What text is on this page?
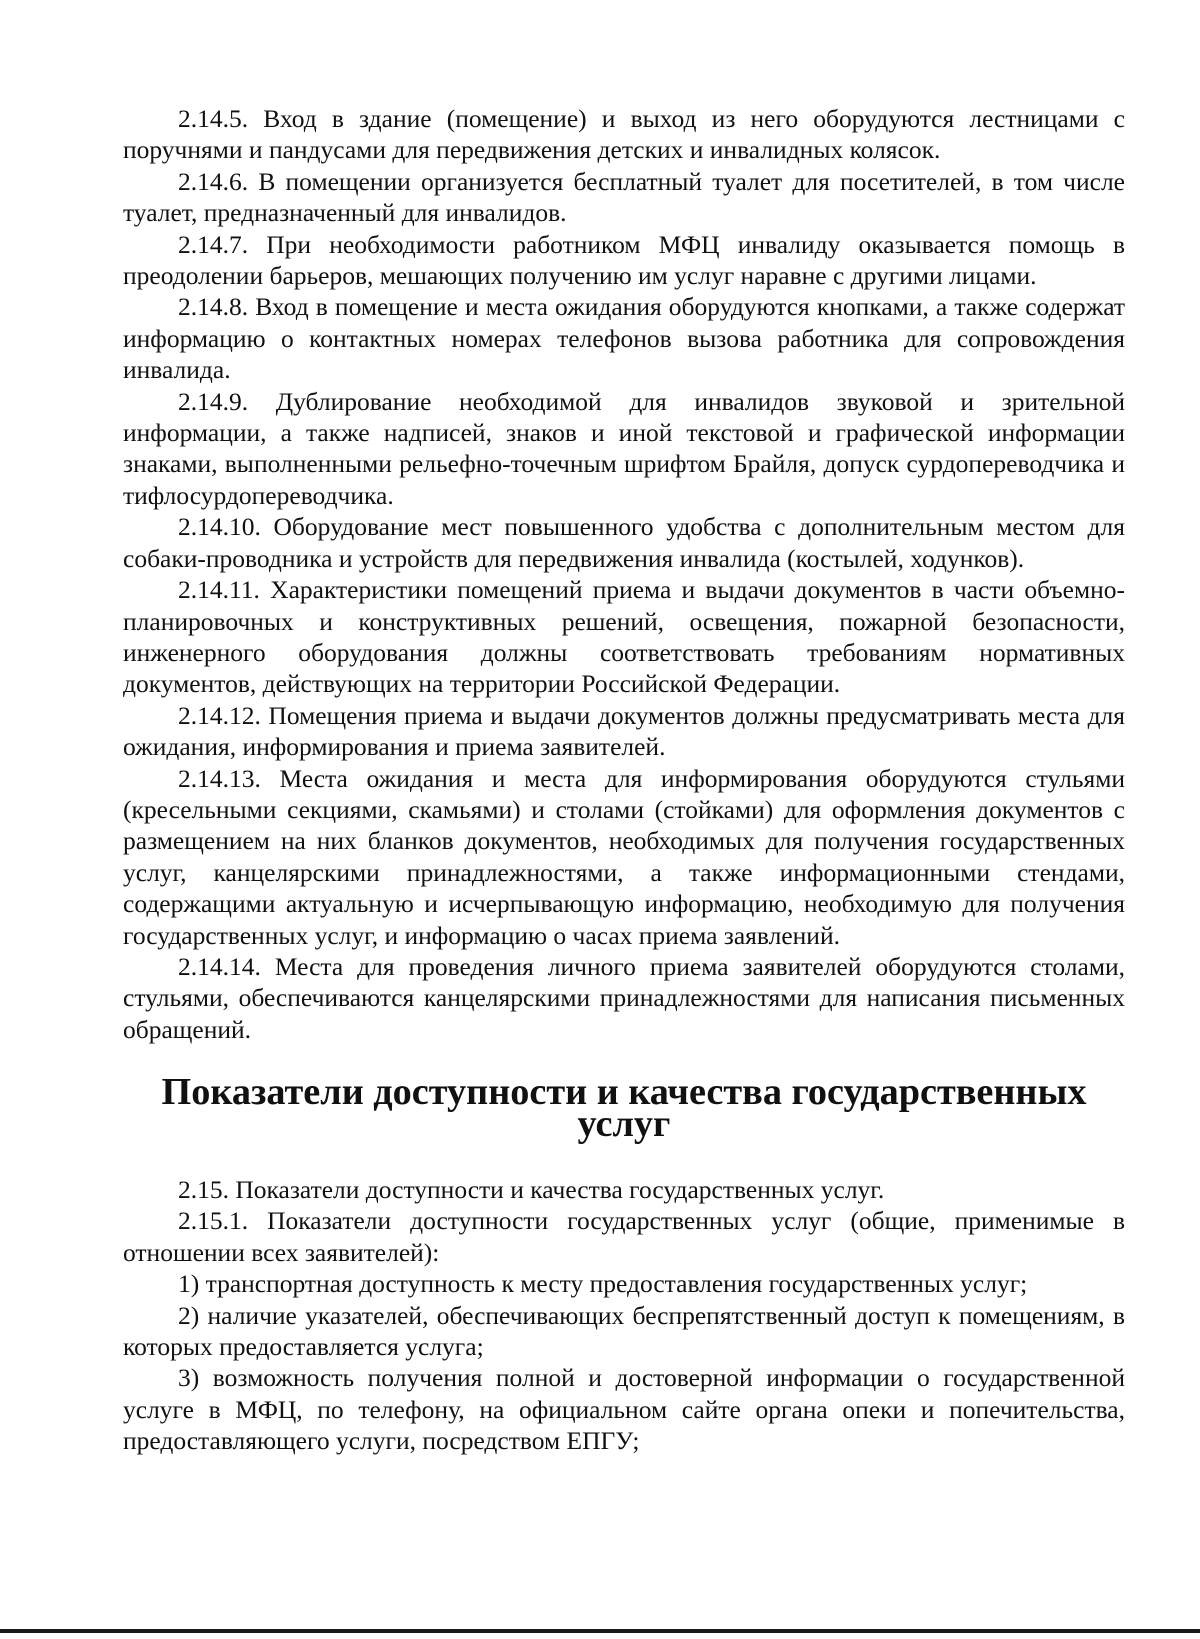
2.14.5. Вход в здание (помещение) и выход из него оборудуются лестницами с поручнями и пандусами для передвижения детских и инвалидных колясок.

2.14.6. В помещении организуется бесплатный туалет для посетителей, в том числе туалет, предназначенный для инвалидов.

2.14.7. При необходимости работником МФЦ инвалиду оказывается помощь в преодолении барьеров, мешающих получению им услуг наравне с другими лицами.

2.14.8. Вход в помещение и места ожидания оборудуются кнопками, а также содержат информацию о контактных номерах телефонов вызова работника для сопровождения инвалида.

2.14.9. Дублирование необходимой для инвалидов звуковой и зрительной информации, а также надписей, знаков и иной текстовой и графической информации знаками, выполненными рельефно-точечным шрифтом Брайля, допуск сурдопереводчика и тифлосурдопереводчика.

2.14.10. Оборудование мест повышенного удобства с дополнительным местом для собаки-проводника и устройств для передвижения инвалида (костылей, ходунков).

2.14.11. Характеристики помещений приема и выдачи документов в части объемно-планировочных и конструктивных решений, освещения, пожарной безопасности, инженерного оборудования должны соответствовать требованиям нормативных документов, действующих на территории Российской Федерации.

2.14.12. Помещения приема и выдачи документов должны предусматривать места для ожидания, информирования и приема заявителей.

2.14.13. Места ожидания и места для информирования оборудуются стульями (кресельными секциями, скамьями) и столами (стойками) для оформления документов с размещением на них бланков документов, необходимых для получения государственных услуг, канцелярскими принадлежностями, а также информационными стендами, содержащими актуальную и исчерпывающую информацию, необходимую для получения государственных услуг, и информацию о часах приема заявлений.

2.14.14. Места для проведения личного приема заявителей оборудуются столами, стульями, обеспечиваются канцелярскими принадлежностями для написания письменных обращений.

Показатели доступности и качества государственных услуг

2.15. Показатели доступности и качества государственных услуг.

2.15.1. Показатели доступности государственных услуг (общие, применимые в отношении всех заявителей):

1) транспортная доступность к месту предоставления государственных услуг;

2) наличие указателей, обеспечивающих беспрепятственный доступ к помещениям, в которых предоставляется услуга;

3) возможность получения полной и достоверной информации о государственной услуге в МФЦ, по телефону, на официальном сайте органа опеки и попечительства, предоставляющего услуги, посредством ЕПГУ;
